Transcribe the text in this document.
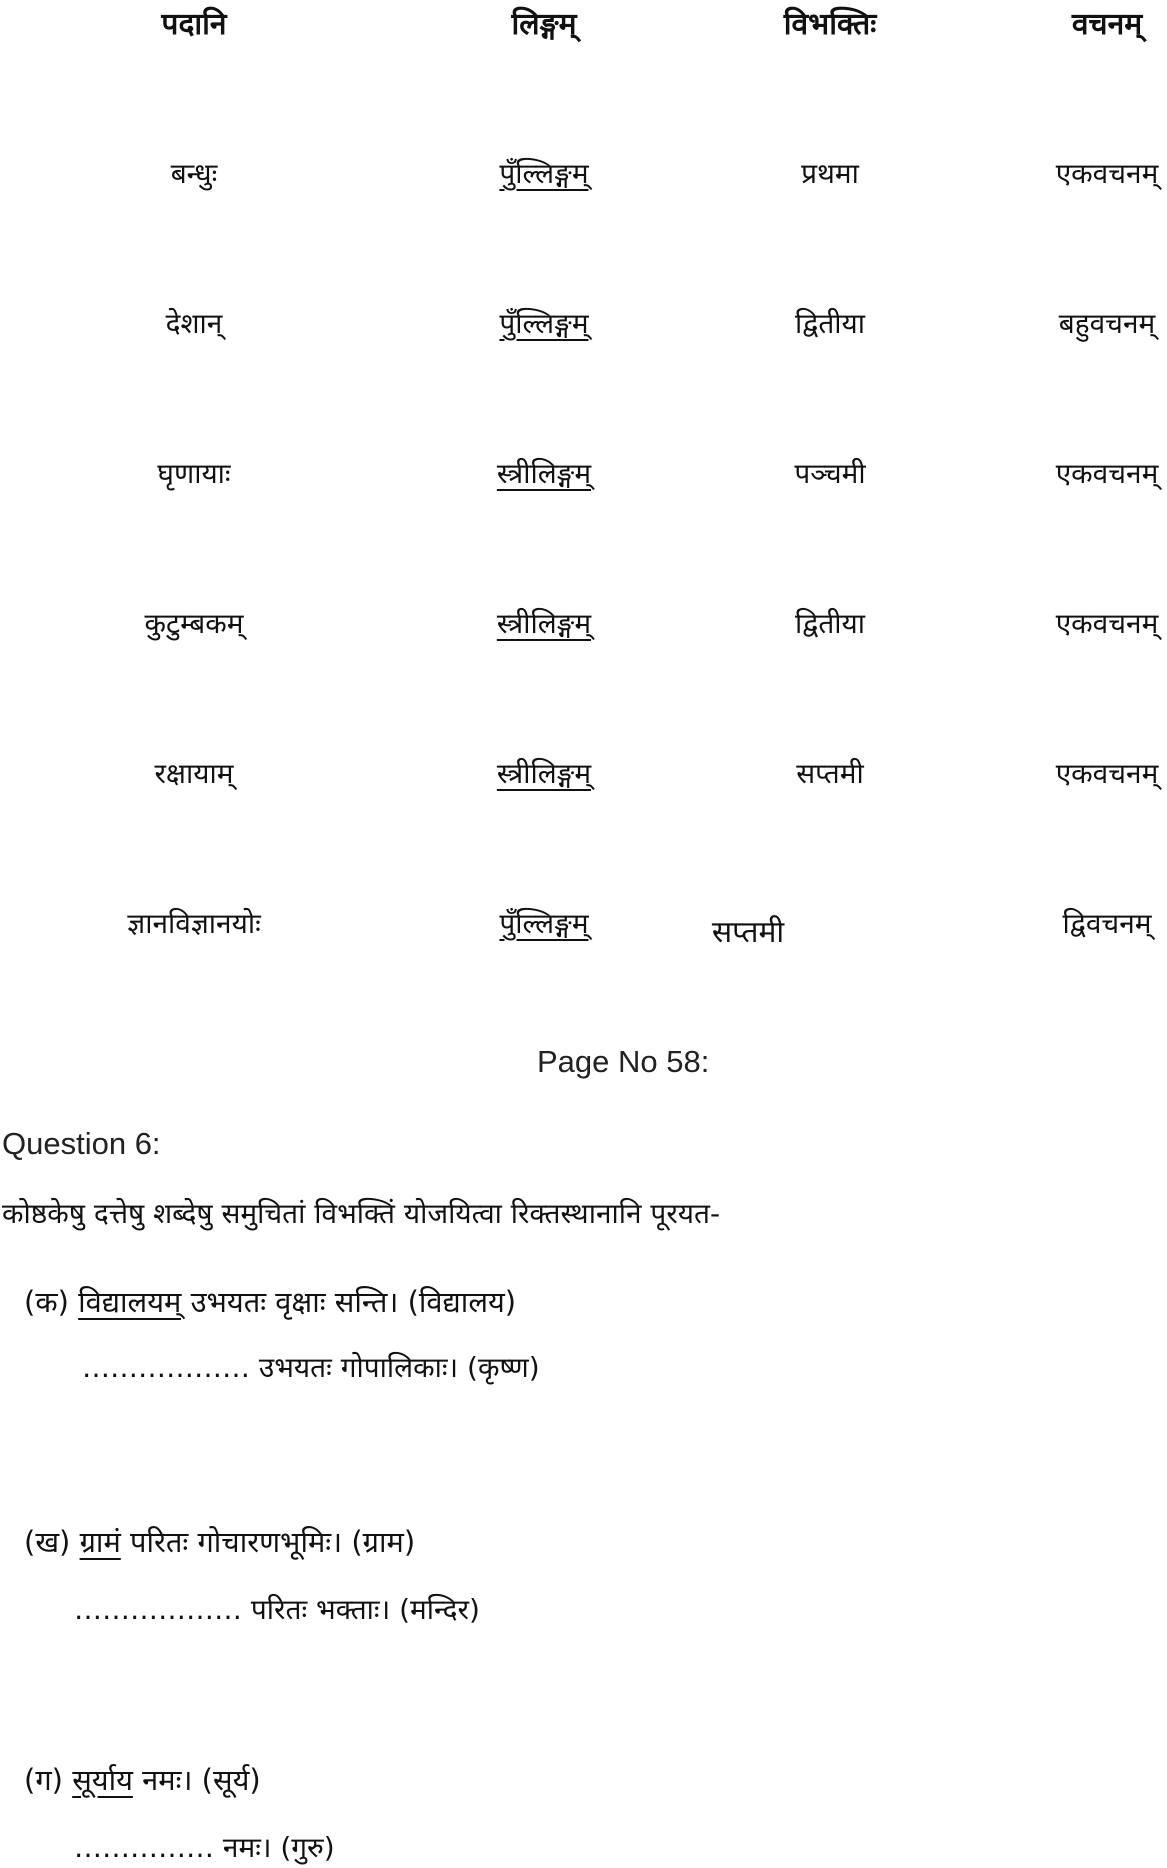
पदानि	लिङ्गम्	विभक्तिः	वचनम्
बन्धुः	पुँल्लिङ्गम्	प्रथमा	एकवचनम्
देशान्	पुँल्लिङ्गम्	द्वितीया	बहुवचनम्
घृणायाः	स्त्रीलिङ्गम्	पञ्चमी	एकवचनम्
कुटुम्बकम्	स्त्रीलिङ्गम्	द्वितीया	एकवचनम्
रक्षायाम्	स्त्रीलिङ्गम्	सप्तमी	एकवचनम्
ज्ञानविज्ञानयोः	पुँल्लिङ्गम्	सप्तमी	द्विवचनम्
Page No 58:
Question 6:
कोष्ठकेषु दत्तेषु शब्देषु समुचितां विभक्तिं योजयित्वा रिक्तस्थानानि पूरयत-
(क) विद्यालयम् उभयतः वृक्षाः सन्ति। (विद्यालय)
……………… उभयतः गोपालिकाः। (कृष्ण)
(ख) ग्रामं परितः गोचारणभूमिः। (ग्राम)
……………… परितः भक्ताः। (मन्दिर)
(ग) सूर्याय नमः। (सूर्य)
…………… नमः। (गुरु)
